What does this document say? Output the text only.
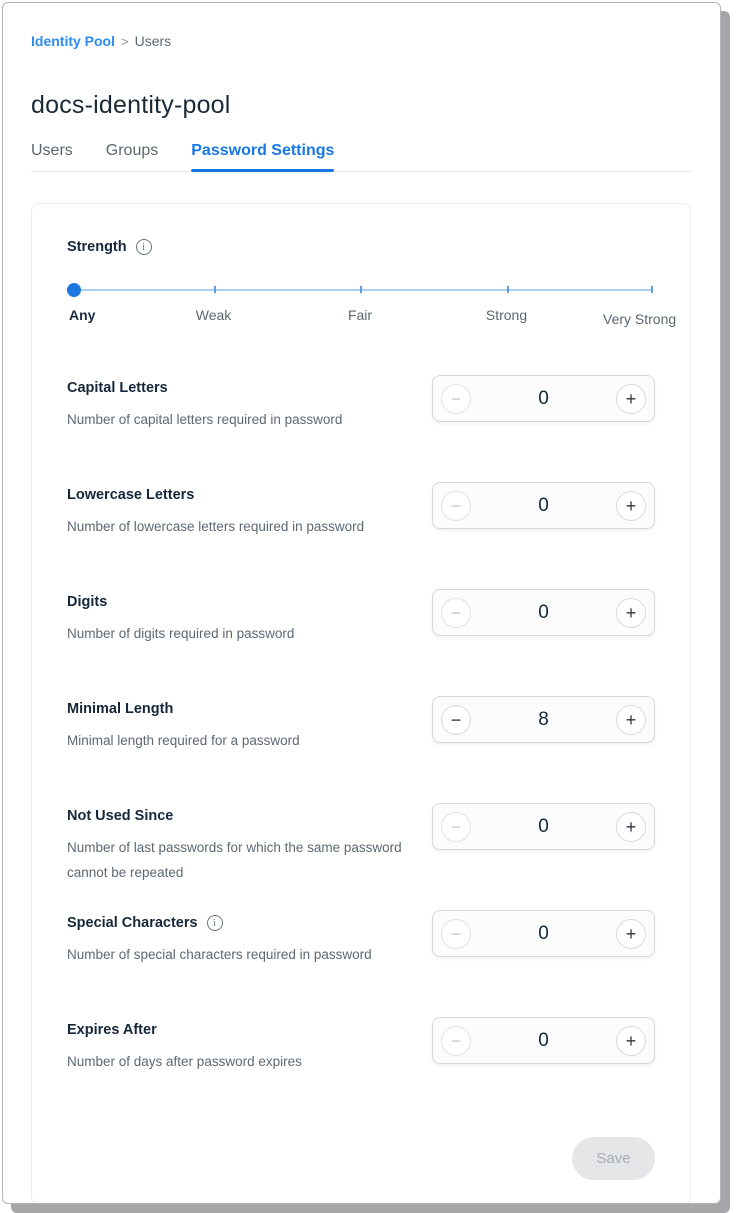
Identity Pool > Users
docs-identity-pool
Users Groups Password Settings
Strength	i
Any	Weak	Fair	Strong	Very Strong
Capital Letters
Number of capital letters required in password
−	0	+
Lowercase Letters
Number of lowercase letters required in password
−	0	+
Digits
Number of digits required in password
−	0	+
Minimal Length
Minimal length required for a password
−	8	+
Not Used Since
Number of last passwords for which the same password cannot be repeated
−	0	+
Special Characters	i
Number of special characters required in password
−	0	+
Expires After
Number of days after password expires
−	0	+
Save
